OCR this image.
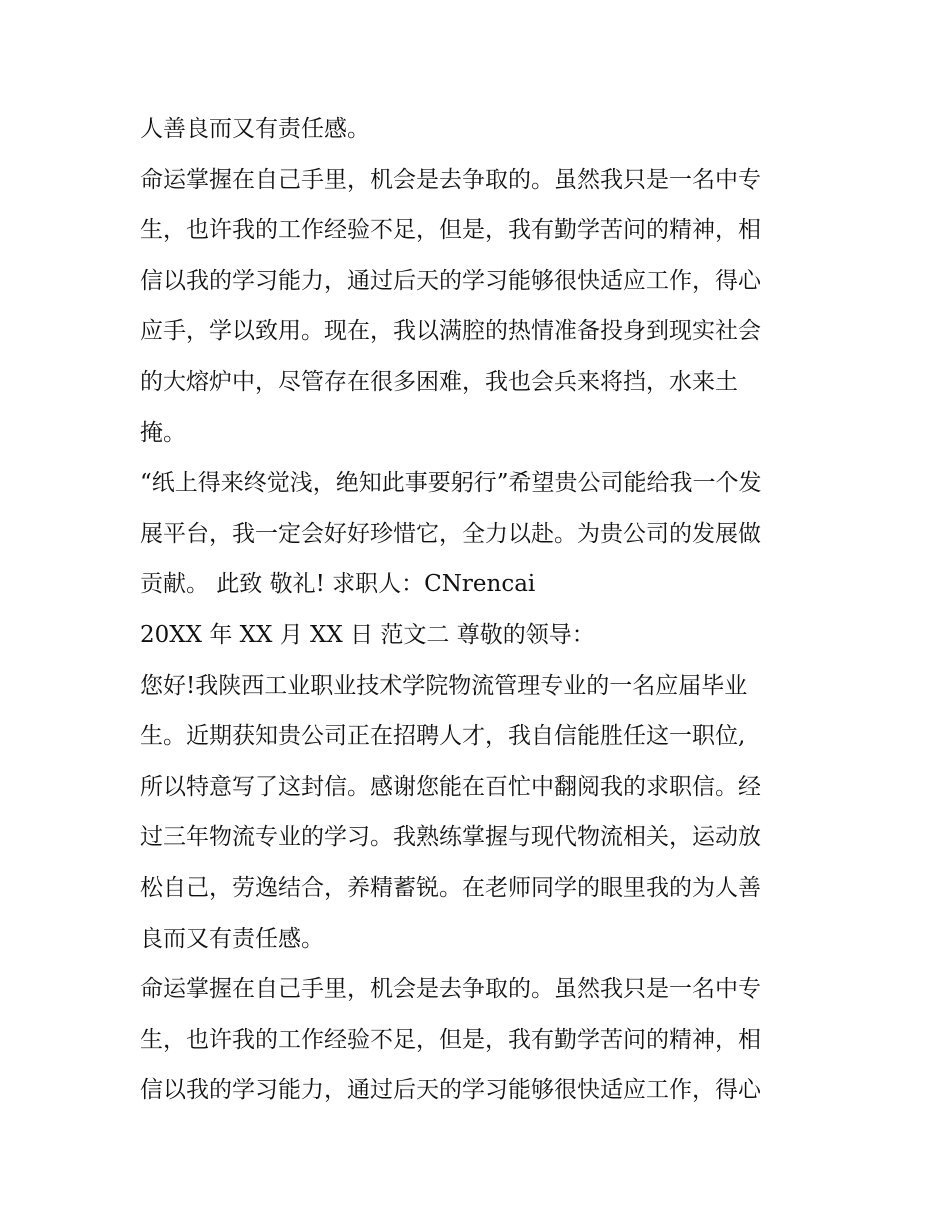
人善良而又有责任感。
命运掌握在自己手里，机会是去争取的。虽然我只是一名中专
生，也许我的工作经验不足，但是，我有勤学苦问的精神，相
信以我的学习能力，通过后天的学习能够很快适应工作，得心
应手，学以致用。现在，我以满腔的热情准备投身到现实社会
的大熔炉中，尽管存在很多困难，我也会兵来将挡，水来土
掩。
“纸上得来终觉浅，绝知此事要躬行”希望贵公司能给我一个发
展平台，我一定会好好珍惜它，全力以赴。为贵公司的发展做
贡献。 此致 敬礼! 求职人：CNrencai
20XX 年 XX 月 XX 日 范文二 尊敬的领导：
您好!我陕西工业职业技术学院物流管理专业的一名应届毕业
生。近期获知贵公司正在招聘人才，我自信能胜任这一职位,
所以特意写了这封信。感谢您能在百忙中翻阅我的求职信。经
过三年物流专业的学习。我熟练掌握与现代物流相关，运动放
松自己，劳逸结合，养精蓄锐。在老师同学的眼里我的为人善
良而又有责任感。
命运掌握在自己手里，机会是去争取的。虽然我只是一名中专
生，也许我的工作经验不足，但是，我有勤学苦问的精神，相
信以我的学习能力，通过后天的学习能够很快适应工作，得心
